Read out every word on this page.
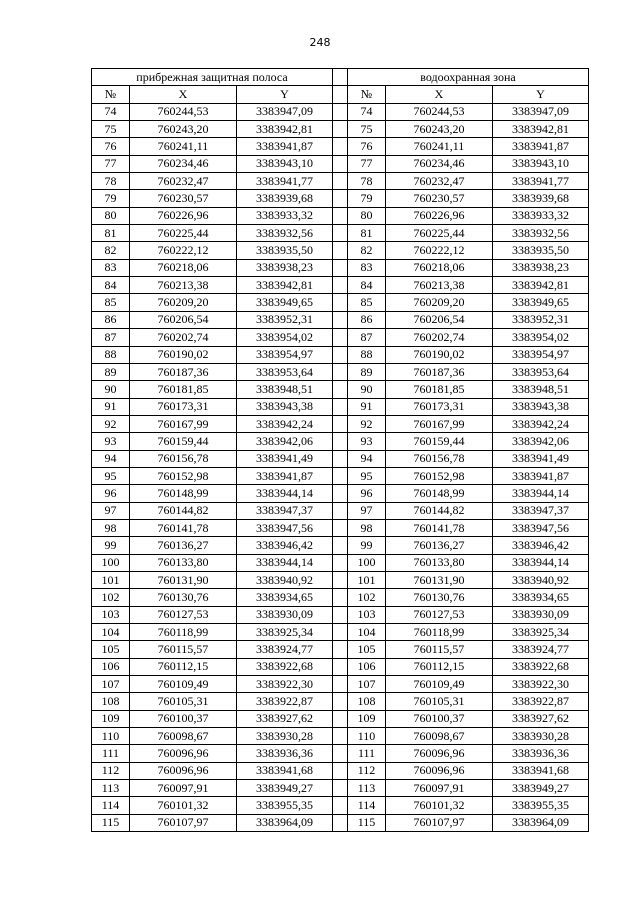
248
прибрежная защитная полоса				водоохранная зона		
№	X	Y		№	X	Y
74	760244,53	3383947,09		74	760244,53	3383947,09
75	760243,20	3383942,81		75	760243,20	3383942,81
76	760241,11	3383941,87		76	760241,11	3383941,87
77	760234,46	3383943,10		77	760234,46	3383943,10
78	760232,47	3383941,77		78	760232,47	3383941,77
79	760230,57	3383939,68		79	760230,57	3383939,68
80	760226,96	3383933,32		80	760226,96	3383933,32
81	760225,44	3383932,56		81	760225,44	3383932,56
82	760222,12	3383935,50		82	760222,12	3383935,50
83	760218,06	3383938,23		83	760218,06	3383938,23
84	760213,38	3383942,81		84	760213,38	3383942,81
85	760209,20	3383949,65		85	760209,20	3383949,65
86	760206,54	3383952,31		86	760206,54	3383952,31
87	760202,74	3383954,02		87	760202,74	3383954,02
88	760190,02	3383954,97		88	760190,02	3383954,97
89	760187,36	3383953,64		89	760187,36	3383953,64
90	760181,85	3383948,51		90	760181,85	3383948,51
91	760173,31	3383943,38		91	760173,31	3383943,38
92	760167,99	3383942,24		92	760167,99	3383942,24
93	760159,44	3383942,06		93	760159,44	3383942,06
94	760156,78	3383941,49		94	760156,78	3383941,49
95	760152,98	3383941,87		95	760152,98	3383941,87
96	760148,99	3383944,14		96	760148,99	3383944,14
97	760144,82	3383947,37		97	760144,82	3383947,37
98	760141,78	3383947,56		98	760141,78	3383947,56
99	760136,27	3383946,42		99	760136,27	3383946,42
100	760133,80	3383944,14		100	760133,80	3383944,14
101	760131,90	3383940,92		101	760131,90	3383940,92
102	760130,76	3383934,65		102	760130,76	3383934,65
103	760127,53	3383930,09		103	760127,53	3383930,09
104	760118,99	3383925,34		104	760118,99	3383925,34
105	760115,57	3383924,77		105	760115,57	3383924,77
106	760112,15	3383922,68		106	760112,15	3383922,68
107	760109,49	3383922,30		107	760109,49	3383922,30
108	760105,31	3383922,87		108	760105,31	3383922,87
109	760100,37	3383927,62		109	760100,37	3383927,62
110	760098,67	3383930,28		110	760098,67	3383930,28
111	760096,96	3383936,36		111	760096,96	3383936,36
112	760096,96	3383941,68		112	760096,96	3383941,68
113	760097,91	3383949,27		113	760097,91	3383949,27
114	760101,32	3383955,35		114	760101,32	3383955,35
115	760107,97	3383964,09		115	760107,97	3383964,09
